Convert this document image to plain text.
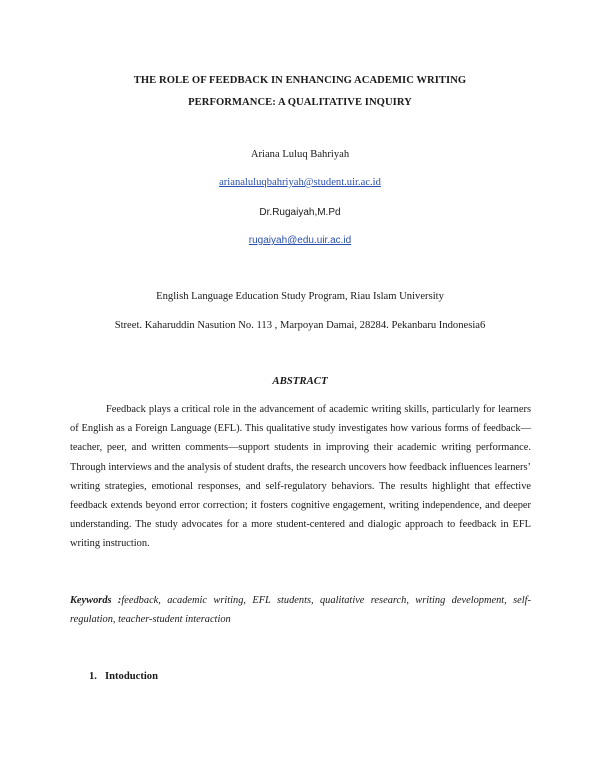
THE ROLE OF FEEDBACK IN ENHANCING ACADEMIC WRITING
PERFORMANCE: A QUALITATIVE INQUIRY
Ariana Luluq Bahriyah
arianaluluqbahriyah@student.uir.ac.id
Dr.Rugaiyah,M.Pd
rugaiyah@edu.uir.ac.id
English Language Education Study Program, Riau Islam University
Street. Kaharuddin Nasution No. 113 , Marpoyan Damai, 28284. Pekanbaru Indonesia6
ABSTRACT

Feedback plays a critical role in the advancement of academic writing skills, particularly for learners of English as a Foreign Language (EFL). This qualitative study investigates how various forms of feedback—teacher, peer, and written comments—support students in improving their academic writing performance. Through interviews and the analysis of student drafts, the research uncovers how feedback influences learners’ writing strategies, emotional responses, and self-regulatory behaviors. The results highlight that effective feedback extends beyond error correction; it fosters cognitive engagement, writing independence, and deeper understanding. The study advocates for a more student-centered and dialogic approach to feedback in EFL writing instruction.

Keywords :feedback, academic writing, EFL students, qualitative research, writing development, self-regulation, teacher-student interaction

1. Intoduction
